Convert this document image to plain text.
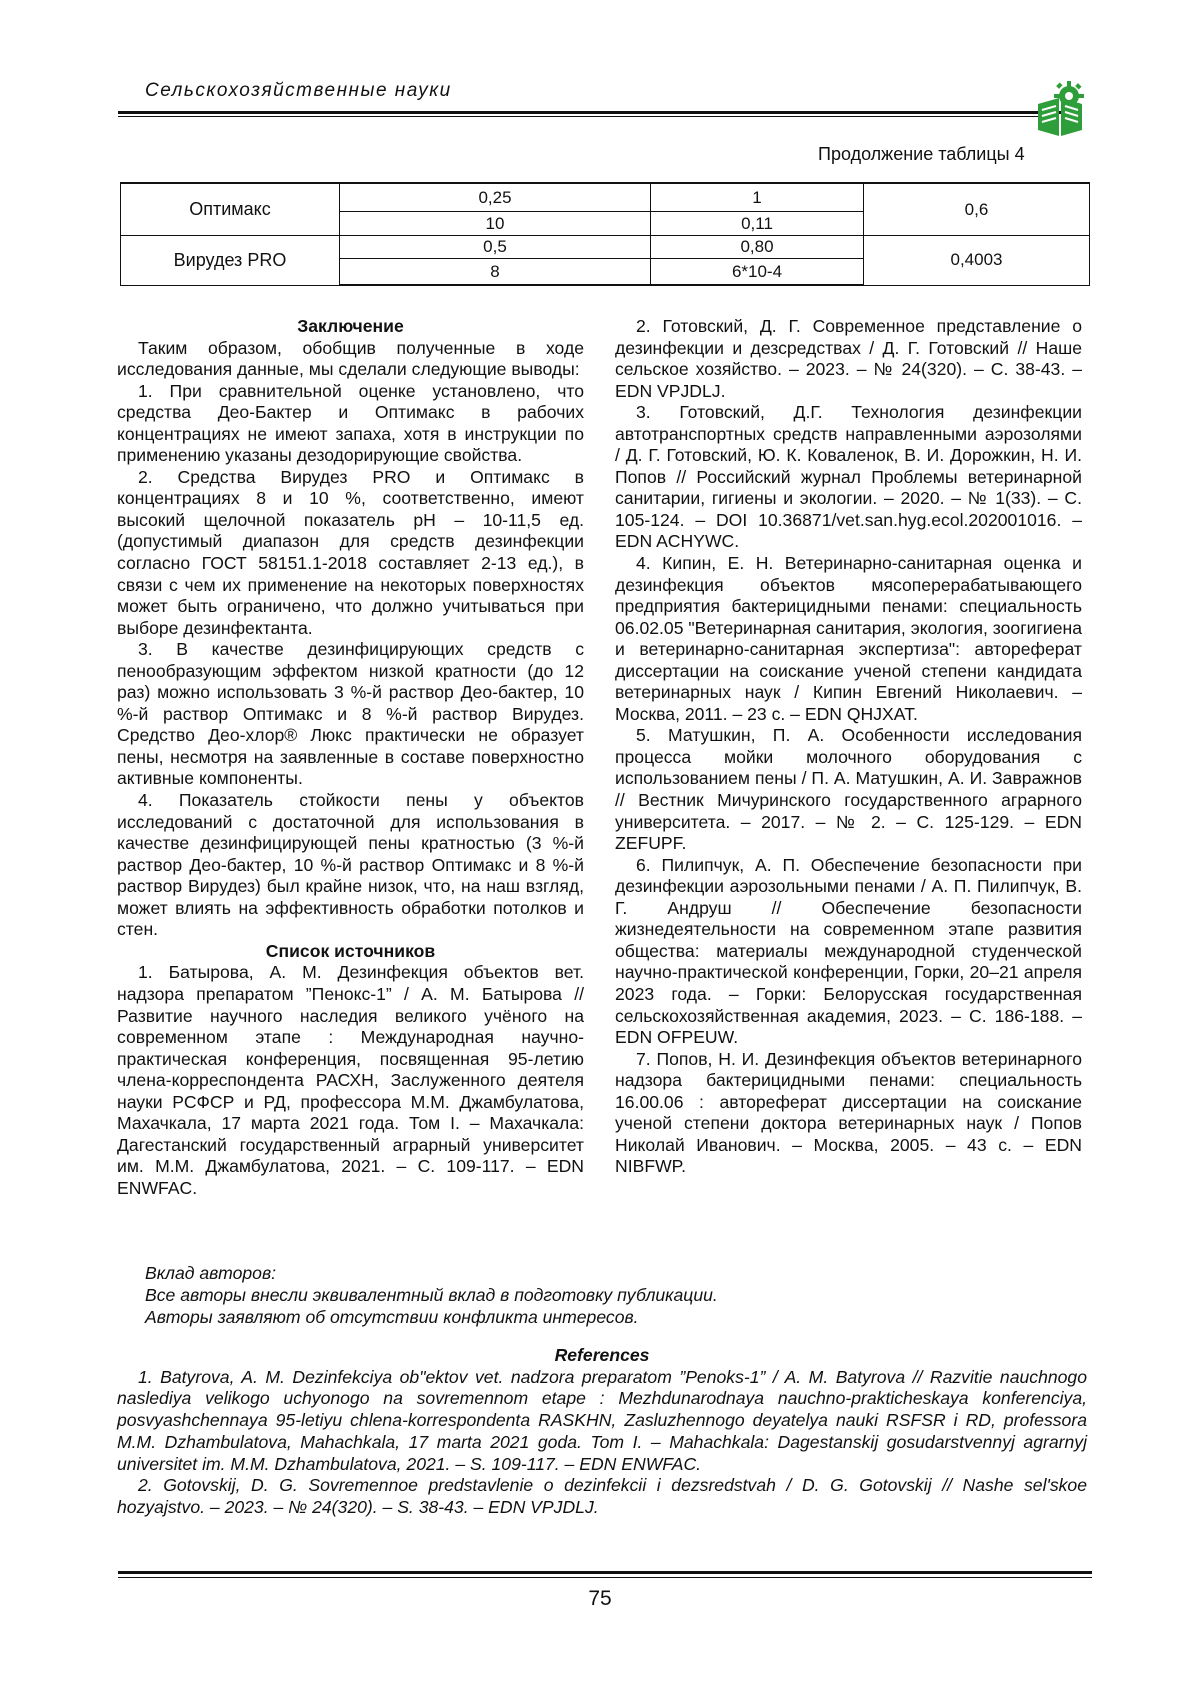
Сельскохозяйственные науки
Продолжение таблицы 4
Оптимакс	0,25	1	0,6
	10	0,11	
Вирудез PRO	0,5	0,80	0,4003
	8	6*10-4	

Заключение

Таким образом, обобщив полученные в ходе исследования данные, мы сделали следующие выводы:

1. При сравнительной оценке установлено, что средства Део-Бактер и Оптимакс в рабочих концентрациях не имеют запаха, хотя в инструкции по применению указаны дезодорирующие свойства.

2. Средства Вирудез PRO и Оптимакс в концентрациях 8 и 10 %, соответственно, имеют высокий щелочной показатель pH – 10-11,5 ед. (допустимый диапазон для средств дезинфекции согласно ГОСТ 58151.1-2018 составляет 2-13 ед.), в связи с чем их применение на некоторых поверхностях может быть ограничено, что должно учитываться при выборе дезинфектанта.

3. В качестве дезинфицирующих средств с пенообразующим эффектом низкой кратности (до 12 раз) можно использовать 3 %-й раствор Део-бактер, 10 %-й раствор Оптимакс и 8 %-й раствор Вирудез. Средство Део-хлор® Люкс практически не образует пены, несмотря на заявленные в составе поверхностно активные компоненты.

4. Показатель стойкости пены у объектов исследований с достаточной для использования в качестве дезинфицирующей пены кратностью (3 %-й раствор Део-бактер, 10 %-й раствор Оптимакс и 8 %-й раствор Вирудез) был крайне низок, что, на наш взгляд, может влиять на эффективность обработки потолков и стен.

Список источников

1. Батырова, А. М. Дезинфекция объектов вет. надзора препаратом ”Пенокс-1” / А. М. Батырова // Развитие научного наследия великого учёного на современном этапе : Международная научно-практическая конференция, посвященная 95-летию члена-корреспондента РАСХН, Заслуженного деятеля науки РСФСР и РД, профессора М.М. Джамбулатова, Махачкала, 17 марта 2021 года. Том I. – Махачкала: Дагестанский государственный аграрный университет им. М.М. Джамбулатова, 2021. – С. 109-117. – EDN ENWFAC.

2. Готовский, Д. Г. Современное представление о дезинфекции и дезсредствах / Д. Г. Готовский // Наше сельское хозяйство. – 2023. – № 24(320). – С. 38-43. – EDN VPJDLJ.

3. Готовский, Д.Г. Технология дезинфекции автотранспортных средств направленными аэрозолями / Д. Г. Готовский, Ю. К. Коваленок, В. И. Дорожкин, Н. И. Попов // Российский журнал Проблемы ветеринарной санитарии, гигиены и экологии. – 2020. – № 1(33). – С. 105-124. – DOI 10.36871/vet.san.hyg.ecol.202001016. – EDN ACHYWC.

4. Кипин, Е. Н. Ветеринарно-санитарная оценка и дезинфекция объектов мясоперерабатывающего предприятия бактерицидными пенами: специальность 06.02.05 "Ветеринарная санитария, экология, зоогигиена и ветеринарно-санитарная экспертиза": автореферат диссертации на соискание ученой степени кандидата ветеринарных наук / Кипин Евгений Николаевич. – Москва, 2011. – 23 с. – EDN QHJXAT.

5. Матушкин, П. А. Особенности исследования процесса мойки молочного оборудования с использованием пены / П. А. Матушкин, А. И. Завражнов // Вестник Мичуринского государственного аграрного университета. – 2017. – № 2. – С. 125-129. – EDN ZEFUPF.

6. Пилипчук, А. П. Обеспечение безопасности при дезинфекции аэрозольными пенами / А. П. Пилипчук, В. Г. Андруш // Обеспечение безопасности жизнедеятельности на современном этапе развития общества: материалы международной студенческой научно-практической конференции, Горки, 20–21 апреля 2023 года. – Горки: Белорусская государственная сельскохозяйственная академия, 2023. – С. 186-188. – EDN OFPEUW.

7. Попов, Н. И. Дезинфекция объектов ветеринарного надзора бактерицидными пенами: специальность 16.00.06 : автореферат диссертации на соискание ученой степени доктора ветеринарных наук / Попов Николай Иванович. – Москва, 2005. – 43 с. – EDN NIBFWP.

Вклад авторов:
Все авторы внесли эквивалентный вклад в подготовку публикации.
Авторы заявляют об отсутствии конфликта интересов.
References

1. Batyrova, A. M. Dezinfekciya ob"ektov vet. nadzora preparatom ”Penoks-1” / A. M. Batyrova // Razvitie nauchnogo naslediya velikogo uchyonogo na sovremennom etape : Mezhdunarodnaya nauchno-prakticheskaya konferenciya, posvyashchennaya 95-letiyu chlena-korrespondenta RASKHN, Zasluzhennogo deyatelya nauki RSFSR i RD, professora M.M. Dzhambulatova, Mahachkala, 17 marta 2021 goda. Tom I. – Mahachkala: Dagestanskij gosudarstvennyj agrarnyj universitet im. M.M. Dzhambulatova, 2021. – S. 109-117. – EDN ENWFAC.

2. Gotovskij, D. G. Sovremennoe predstavlenie o dezinfekcii i dezsredstvah / D. G. Gotovskij // Nashe sel'skoe hozyajstvo. – 2023. – № 24(320). – S. 38-43. – EDN VPJDLJ.

75
